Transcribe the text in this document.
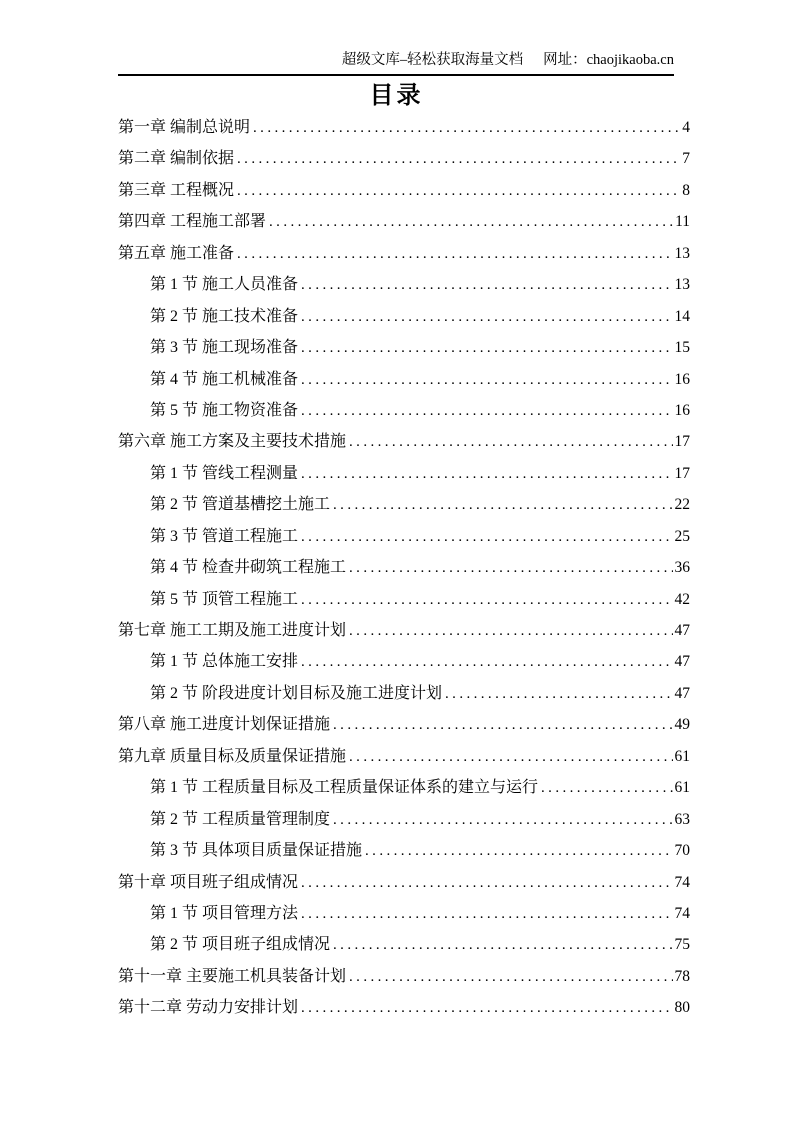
超级文库–轻松获取海量文档 网址：chaojikaoba.cn
目录
第一章 编制总说明 .....	4
第二章 编制依据 .....	7
第三章 工程概况 .....	8
第四章 工程施工部署 .....	11
第五章 施工准备 .....	13
第 1 节 施工人员准备 .....	13
第 2 节 施工技术准备 .....	14
第 3 节 施工现场准备 .....	15
第 4 节 施工机械准备 .....	16
第 5 节 施工物资准备 .....	16
第六章 施工方案及主要技术措施 .....	17
第 1 节 管线工程测量 .....	17
第 2 节 管道基槽挖土施工 .....	22
第 3 节 管道工程施工 .....	25
第 4 节 检查井砌筑工程施工 .....	36
第 5 节 顶管工程施工 .....	42
第七章 施工工期及施工进度计划 .....	47
第 1 节 总体施工安排 .....	47
第 2 节 阶段进度计划目标及施工进度计划 .....	47
第八章 施工进度计划保证措施 .....	49
第九章 质量目标及质量保证措施 .....	61
第 1 节 工程质量目标及工程质量保证体系的建立与运行 .....	61
第 2 节 工程质量管理制度 .....	63
第 3 节 具体项目质量保证措施 .....	70
第十章 项目班子组成情况 .....	74
第 1 节 项目管理方法 .....	74
第 2 节 项目班子组成情况 .....	75
第十一章 主要施工机具装备计划 .....	78
第十二章 劳动力安排计划 .....	80
